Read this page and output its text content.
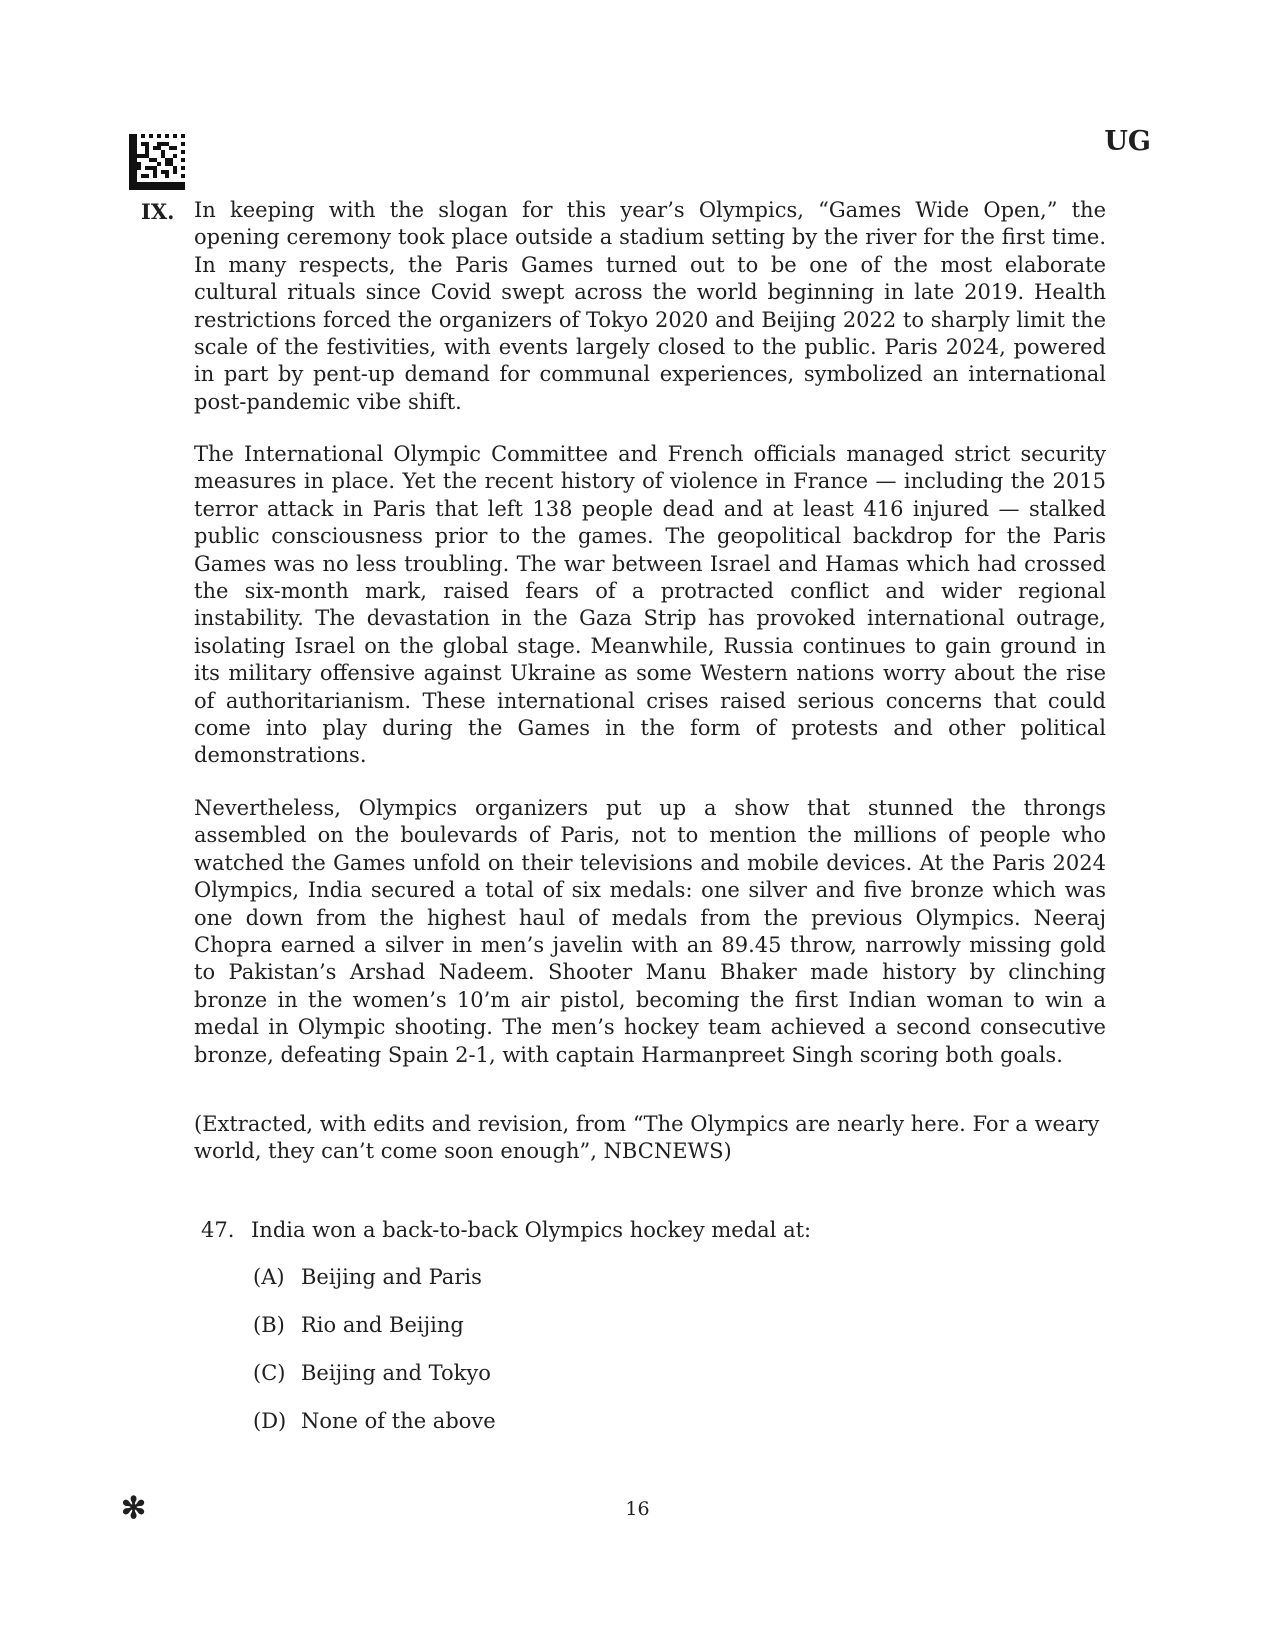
UG
IX. In keeping with the slogan for this year’s Olympics, “Games Wide Open,” the opening ceremony took place outside a stadium setting by the river for the first time. In many respects, the Paris Games turned out to be one of the most elaborate cultural rituals since Covid swept across the world beginning in late 2019. Health restrictions forced the organizers of Tokyo 2020 and Beijing 2022 to sharply limit the scale of the festivities, with events largely closed to the public. Paris 2024, powered in part by pent-up demand for communal experiences, symbolized an international post-pandemic vibe shift.

The International Olympic Committee and French officials managed strict security measures in place. Yet the recent history of violence in France — including the 2015 terror attack in Paris that left 138 people dead and at least 416 injured — stalked public consciousness prior to the games. The geopolitical backdrop for the Paris Games was no less troubling. The war between Israel and Hamas which had crossed the six-month mark, raised fears of a protracted conflict and wider regional instability. The devastation in the Gaza Strip has provoked international outrage, isolating Israel on the global stage. Meanwhile, Russia continues to gain ground in its military offensive against Ukraine as some Western nations worry about the rise of authoritarianism. These international crises raised serious concerns that could come into play during the Games in the form of protests and other political demonstrations.

Nevertheless, Olympics organizers put up a show that stunned the throngs assembled on the boulevards of Paris, not to mention the millions of people who watched the Games unfold on their televisions and mobile devices. At the Paris 2024 Olympics, India secured a total of six medals: one silver and five bronze which was one down from the highest haul of medals from the previous Olympics. Neeraj Chopra earned a silver in men’s javelin with an 89.45 throw, narrowly missing gold to Pakistan’s Arshad Nadeem. Shooter Manu Bhaker made history by clinching bronze in the women’s 10’m air pistol, becoming the first Indian woman to win a medal in Olympic shooting. The men’s hockey team achieved a second consecutive bronze, defeating Spain 2-1, with captain Harmanpreet Singh scoring both goals.

(Extracted, with edits and revision, from “The Olympics are nearly here. For a weary world, they can’t come soon enough”, NBCNEWS)

47. India won a back-to-back Olympics hockey medal at:
(A) Beijing and Paris
(B) Rio and Beijing
(C) Beijing and Tokyo
(D) None of the above
✻	16
